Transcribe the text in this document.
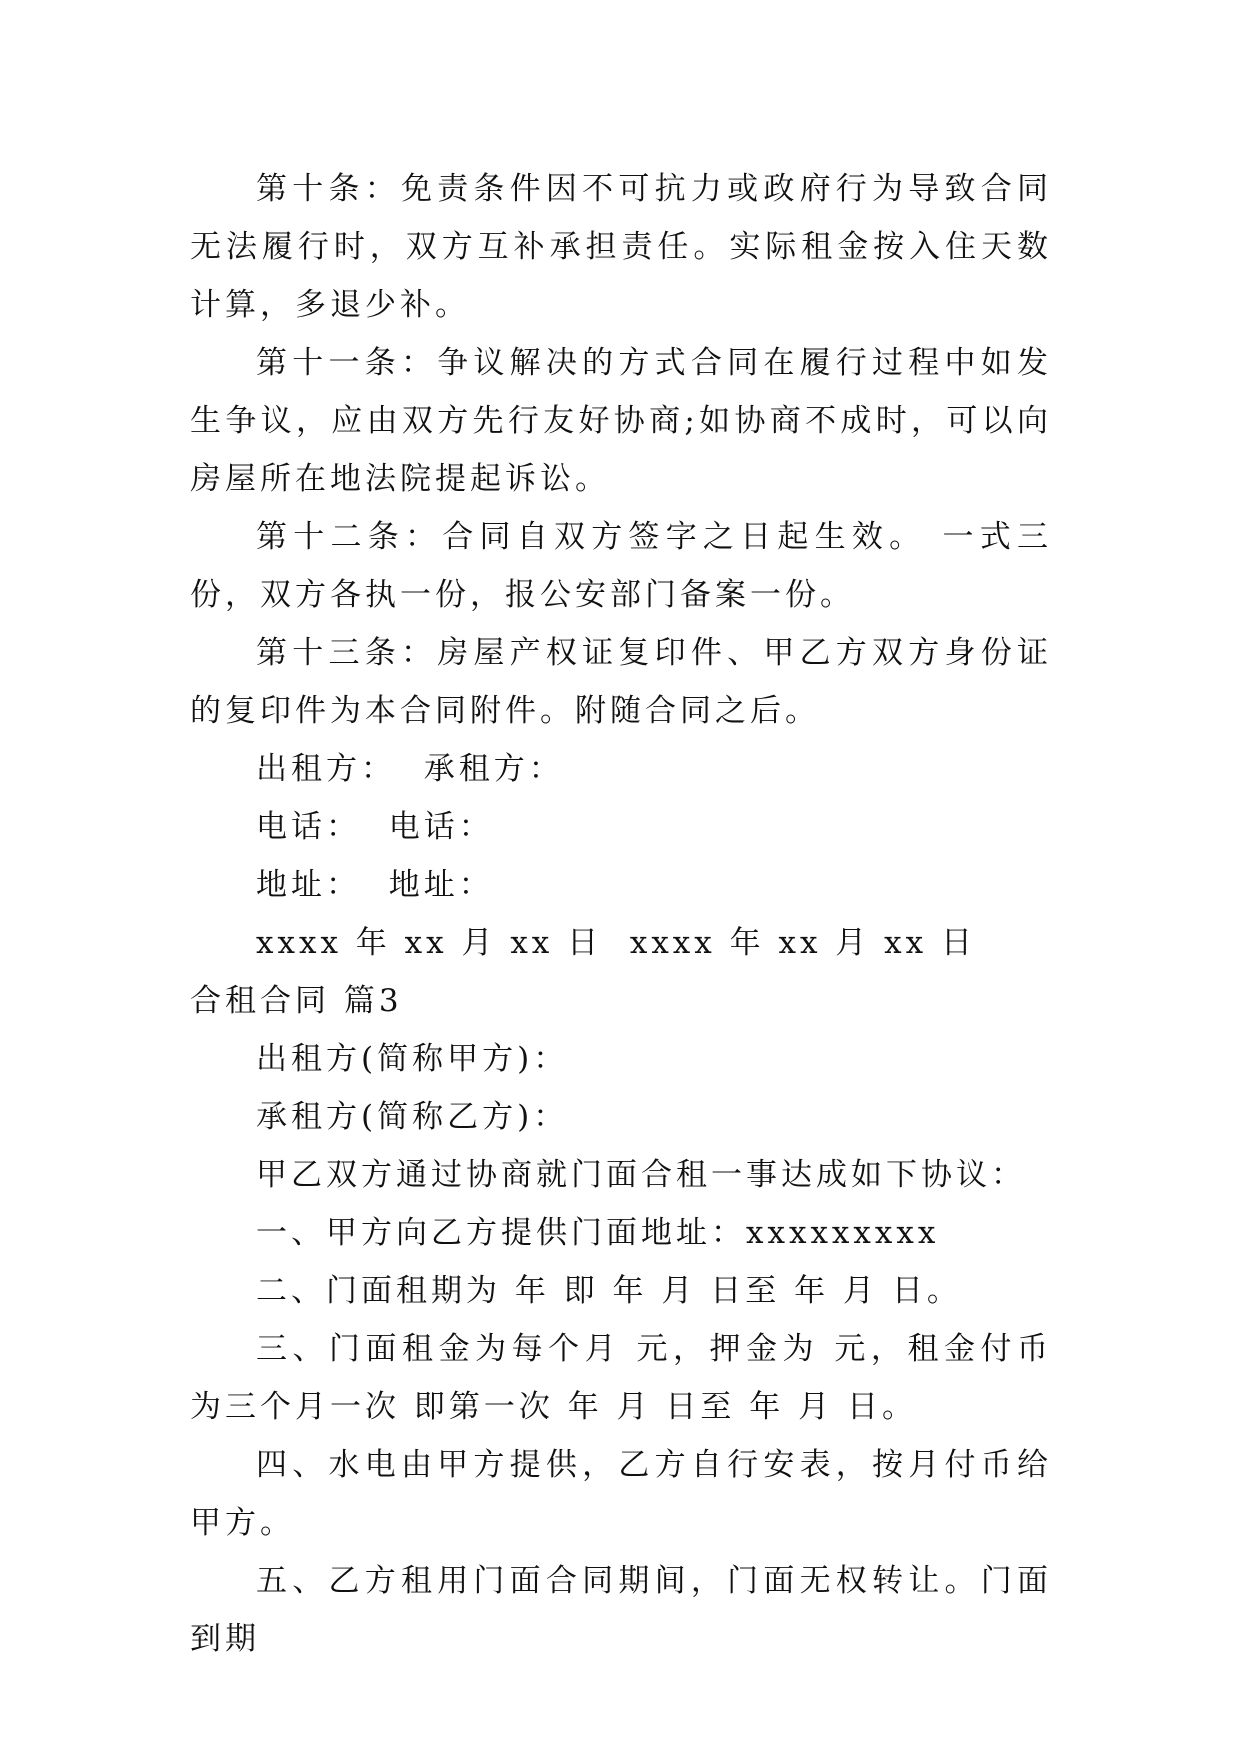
第十条：免责条件因不可抗力或政府行为导致合同无法履行时，双方互补承担责任。实际租金按入住天数计算，多退少补。

第十一条：争议解决的方式合同在履行过程中如发生争议，应由双方先行友好协商;如协商不成时，可以向房屋所在地法院提起诉讼。

第十二条：合同自双方签字之日起生效。 一式三份，双方各执一份，报公安部门备案一份。

第十三条：房屋产权证复印件、甲乙方双方身份证的复印件为本合同附件。附随合同之后。

出租方：  承租方：

电话：  电话：

地址：  地址：

xxxx 年 xx 月 xx 日  xxxx 年 xx 月 xx 日

合租合同 篇3

出租方(简称甲方)：

承租方(简称乙方)：

甲乙双方通过协商就门面合租一事达成如下协议：

一、甲方向乙方提供门面地址：xxxxxxxxx

二、门面租期为 年 即 年 月 日至 年 月 日。

三、门面租金为每个月 元，押金为 元，租金付币为三个月一次 即第一次 年 月 日至 年 月 日。

四、水电由甲方提供，乙方自行安表，按月付币给甲方。

五、乙方租用门面合同期间，门面无权转让。门面到期
